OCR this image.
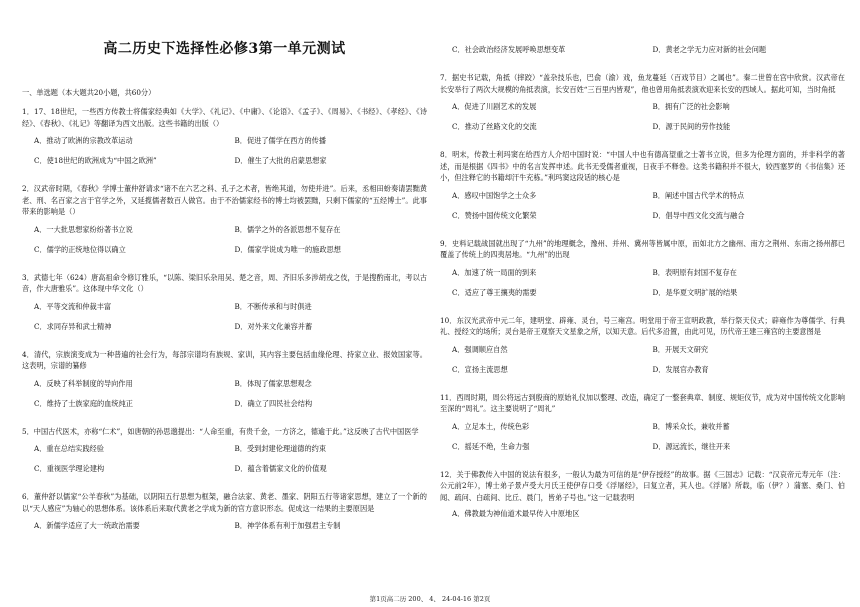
高二历史下选择性必修3第一单元测试
一、单选题（本大题共20小题，共60分）
1．17、18世纪，一些西方传教士将儒家经典如《大学》、《礼记》、《中庸》、《论语》、《孟子》、《周易》、《书经》、《孝经》、《诗经》、《春秋》、《礼记》等翻译为西文出版。这些书籍的出版（）
A．推动了欧洲的宗教改革运动	B．促进了儒学在西方的传播
C．使18世纪的欧洲成为“中国之欧洲”	D．催生了大批的启蒙思想家
2．汉武帝时期，《春秋》学博士董仲舒请求“诸不在六艺之科、孔子之术者，皆绝其道，勿使并进”。后来，丞相田蚡奏请罢黜黄老、刑、名百家之言于官学之外，又延揽儒者数百人做官。由于不治儒家经书的博士均被罢黜，只剩下儒家的“五经博士”。此事带来的影响是（）
A．一大批思想家纷纷著书立说	B．儒学之外的各派思想不复存在
C．儒学的正统地位得以确立	D．儒家学说成为唯一的施政思想
3．武德七年（624）唐高祖命令修订雅乐，“以陈、梁旧乐杂用吴、楚之音，周、齐旧乐多涉胡戎之伎，于是搜酌南北，考以古音，作大唐雅乐”。这体现中华文化（）
A．平等交流和仲裁丰富	B．不断传承和与时俱进
C．求同存异和武士精神	D．对外来文化兼容并蓄
4．清代，宗族演变成为一种普遍的社会行为，每部宗谱均有族规、家训，其内容主要包括血缘伦理、持家立业、报效国家等。这表明，宗谱的纂修
A．反映了科举制度的导向作用	B．体现了儒家思想观念
C．维持了士族家庭的血统纯正	D．确立了四民社会结构
5．中国古代医术，亦称“仁术”，如唐朝的孙思邈提出：“人命至重，有贵千金，一方济之，德逾于此。”这反映了古代中国医学
A．重在总结实践经验	B．受到封建伦理道德的约束
C．重视医学理论建构	D．蕴含着儒家文化的价值观
6．董仲舒以儒家“公羊春秋”为基础，以阴阳五行思想为框架，融合法家、黄老、墨家、阴阳五行等诸家思想，建立了一个新的以“天人感应”为轴心的思想体系。该体系后来取代黄老之学成为新的官方意识形态。促成这一结果的主要原因是
A．新儒学适应了大一统政治需要	B．神学体系有利于加强君主专制
C．社会政治经济发展呼唤思想变革	D．黄老之学无力应对新的社会问题
7．据史书记载，角抵（摔跤）“盖杂技乐也，巴俞（渝）戏，鱼龙蔓延（百戏节目）之属也”。秦二世曾在宫中欣赏。汉武帝在长安举行了两次大规模的角抵表演，长安百姓“三百里内皆观”，他也曾用角抵表演欢迎来长安的西域人。据此可知，当时角抵
A．促进了川剧艺术的发展	B．拥有广泛的社会影响
C．推动了丝路文化的交流	D．源于民间的劳作技能
8．明末，传教士利玛窦在给西方人介绍中国时说：“中国人中也有德高望重之士著书立说，但多为伦理方面的，并非科学的著述，而是根据《四书》中的名言发挥申述。此书无受儒者重视，日夜手不释卷。这类书籍积并不很大，较西塞罗的《书信集》还小，但注释它的书籍却汗牛充栋。”利玛窦这段话的核心是
A．感叹中国饱学之士众多	B．阐述中国古代学术的特点
C．赞扬中国传统文化繁荣	D．倡导中西文化交流与融合
9．史料记载战国就出现了“九州”的地理概念，豫州、并州、冀州等皆属中原，而如北方之幽州、南方之荆州、东南之扬州都已覆盖了传统上的四夷居地。“九州”的出现
A．加速了统一局面的到来	B．表明原有封国不复存在
C．适应了尊王攘夷的需要	D．是华夏文明扩展的结果
10．东汉光武帝中元二年，建明堂、辟雍、灵台，号三雍宫。明堂用于帝王宣明政教，举行祭天仪式；辟雍作为尊儒学、行典礼、授经文的场所；灵台是帝王观察天文星象之所，以知天意。后代多沿置，由此可见，历代帝王建三雍宫的主要意图是
A．强调顺应自然	B．开展天文研究
C．宣扬主流思想	D．发展官办教育
11．西周时期，周公将远古到殷商的原始礼仪加以整理、改造，确定了一整套典章、制度、规矩仪节，成为对中国传统文化影响至深的“周礼”。这主要说明了“周礼”
A．立足本土，传统色彩	B．博采众长，兼收并蓄
C．摇延不绝，生命力强	D．源远流长，继往开来
12．关于佛教传入中国的说法有很多，一般认为最为可信的是“伊存授经”的故事。据《三国志》记载：“汉哀帝元寿元年（注：公元前2年），博士弟子景卢受大月氏王使伊存口受《浮屠经》，曰复立者，其人也。《浮屠》所载，临（伊？）蒲塞、桑门、伯闻、疏问、白疏间、比丘、晨门，皆弟子号也。”这一记载表明
A．佛教最为神仙道术最早传入中原地区
第1页高二历 200、 4、 24-04-16 第2页
